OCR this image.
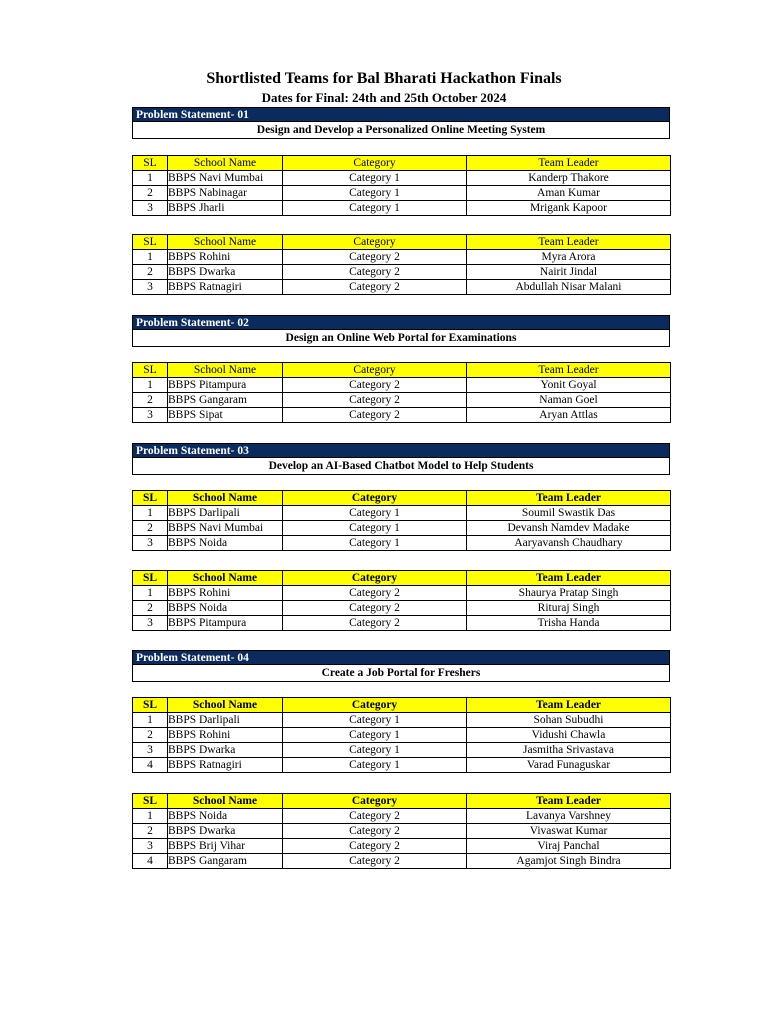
Shortlisted Teams for Bal Bharati Hackathon Finals
Dates for Final: 24th and 25th October 2024
Problem Statement- 01
Design and Develop a Personalized Online Meeting System
SL	School Name	Category	Team Leader
1	BBPS Navi Mumbai	Category 1	Kanderp Thakore
2	BBPS Nabinagar	Category 1	Aman Kumar
3	BBPS Jharli	Category 1	Mrigank Kapoor
SL	School Name	Category	Team Leader
1	BBPS Rohini	Category 2	Myra Arora
2	BBPS Dwarka	Category 2	Nairit Jindal
3	BBPS Ratnagiri	Category 2	Abdullah Nisar Malani
Problem Statement- 02
Design an Online Web Portal for Examinations
SL	School Name	Category	Team Leader
1	BBPS Pitampura	Category 2	Yonit Goyal
2	BBPS Gangaram	Category 2	Naman Goel
3	BBPS Sipat	Category 2	Aryan Attlas
Problem Statement- 03
Develop an AI-Based Chatbot Model to Help Students
SL	School Name	Category	Team Leader
1	BBPS Darlipali	Category 1	Soumil Swastik Das
2	BBPS Navi Mumbai	Category 1	Devansh Namdev Madake
3	BBPS Noida	Category 1	Aaryavansh Chaudhary
SL	School Name	Category	Team Leader
1	BBPS Rohini	Category 2	Shaurya Pratap Singh
2	BBPS Noida	Category 2	Rituraj Singh
3	BBPS Pitampura	Category 2	Trisha Handa
Problem Statement- 04
Create a Job Portal for Freshers
SL	School Name	Category	Team Leader
1	BBPS Darlipali	Category 1	Sohan Subudhi
2	BBPS Rohini	Category 1	Vidushi Chawla
3	BBPS Dwarka	Category 1	Jasmitha Srivastava
4	BBPS Ratnagiri	Category 1	Varad Funaguskar
SL	School Name	Category	Team Leader
1	BBPS Noida	Category 2	Lavanya Varshney
2	BBPS Dwarka	Category 2	Vivaswat Kumar
3	BBPS Brij Vihar	Category 2	Viraj Panchal
4	BBPS Gangaram	Category 2	Agamjot Singh Bindra
